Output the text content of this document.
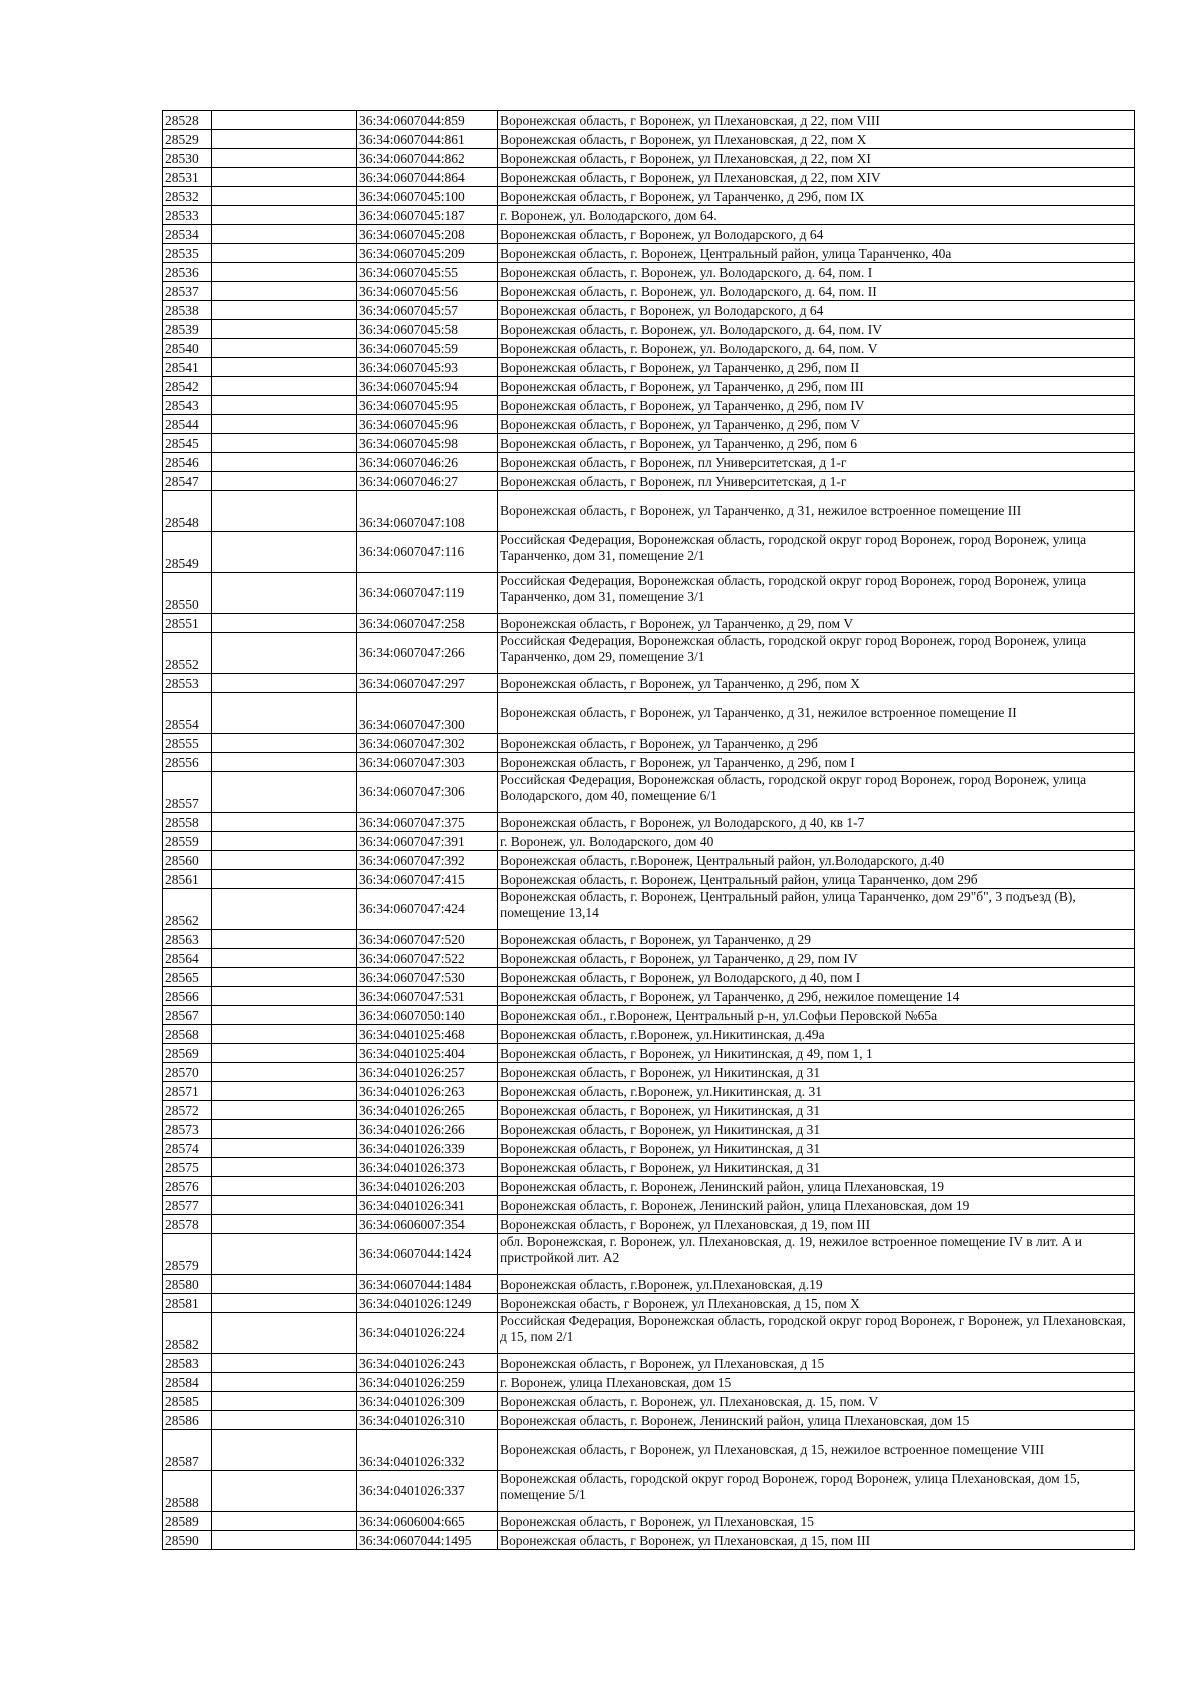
28528		36:34:0607044:859	Воронежская область, г Воронеж, ул Плехановская, д 22, пом VIII
28529		36:34:0607044:861	Воронежская область, г Воронеж, ул Плехановская, д 22, пом X
28530		36:34:0607044:862	Воронежская область, г Воронеж, ул Плехановская, д 22, пом XI
28531		36:34:0607044:864	Воронежская область, г Воронеж, ул Плехановская, д 22, пом XIV
28532		36:34:0607045:100	Воронежская область, г Воронеж, ул Таранченко, д 29б, пом IX
28533		36:34:0607045:187	г. Воронеж, ул. Володарского, дом 64.
28534		36:34:0607045:208	Воронежская область, г Воронеж, ул Володарского, д 64
28535		36:34:0607045:209	Воронежская область, г. Воронеж, Центральный район, улица Таранченко, 40а
28536		36:34:0607045:55	Воронежская область, г. Воронеж, ул. Володарского, д. 64, пом. I
28537		36:34:0607045:56	Воронежская область, г. Воронеж, ул. Володарского, д. 64, пом. II
28538		36:34:0607045:57	Воронежская область, г Воронеж, ул Володарского, д 64
28539		36:34:0607045:58	Воронежская область, г. Воронеж, ул. Володарского, д. 64, пом. IV
28540		36:34:0607045:59	Воронежская область, г. Воронеж, ул. Володарского, д. 64, пом. V
28541		36:34:0607045:93	Воронежская область, г Воронеж, ул Таранченко, д 29б, пом II
28542		36:34:0607045:94	Воронежская область, г Воронеж, ул Таранченко, д 29б, пом III
28543		36:34:0607045:95	Воронежская область, г Воронеж, ул Таранченко, д 29б, пом IV
28544		36:34:0607045:96	Воронежская область, г Воронеж, ул Таранченко, д 29б, пом V
28545		36:34:0607045:98	Воронежская область, г Воронеж, ул Таранченко, д 29б, пом 6
28546		36:34:0607046:26	Воронежская область, г Воронеж, пл Университетская, д 1-г
28547		36:34:0607046:27	Воронежская область, г Воронеж, пл Университетская, д 1-г
28548		36:34:0607047:108	Воронежская область, г Воронеж, ул Таранченко, д 31, нежилое встроенное помещение III
28549		36:34:0607047:116	Российская Федерация, Воронежская область, городской округ город Воронеж, город Воронеж, улица Таранченко, дом 31, помещение 2/1
28550		36:34:0607047:119	Российская Федерация, Воронежская область, городской округ город Воронеж, город Воронеж, улица Таранченко, дом 31, помещение 3/1
28551		36:34:0607047:258	Воронежская область, г Воронеж, ул Таранченко, д 29, пом V
28552		36:34:0607047:266	Российская Федерация, Воронежская область, городской округ город Воронеж, город Воронеж, улица Таранченко, дом 29, помещение 3/1
28553		36:34:0607047:297	Воронежская область, г Воронеж, ул Таранченко, д 29б, пом X
28554		36:34:0607047:300	Воронежская область, г Воронеж, ул Таранченко, д 31, нежилое встроенное помещение II
28555		36:34:0607047:302	Воронежская область, г Воронеж, ул Таранченко, д 29б
28556		36:34:0607047:303	Воронежская область, г Воронеж, ул Таранченко, д 29б, пом I
28557		36:34:0607047:306	Российская Федерация, Воронежская область, городской округ город Воронеж, город Воронеж, улица Володарского, дом 40, помещение 6/1
28558		36:34:0607047:375	Воронежская область, г Воронеж, ул Володарского, д 40, кв 1-7
28559		36:34:0607047:391	г. Воронеж, ул. Володарского, дом 40
28560		36:34:0607047:392	Воронежская область, г.Воронеж, Центральный район, ул.Володарского, д.40
28561		36:34:0607047:415	Воронежская область, г. Воронеж, Центральный район, улица Таранченко, дом 29б
28562		36:34:0607047:424	Воронежская область, г. Воронеж, Центральный район, улица Таранченко, дом 29"б", 3 подъезд (В), помещение 13,14
28563		36:34:0607047:520	Воронежская область, г Воронеж, ул Таранченко, д 29
28564		36:34:0607047:522	Воронежская область, г Воронеж, ул Таранченко, д 29, пом IV
28565		36:34:0607047:530	Воронежская область, г Воронеж, ул Володарского, д 40, пом I
28566		36:34:0607047:531	Воронежская область, г Воронеж, ул Таранченко, д 29б, нежилое помещение 14
28567		36:34:0607050:140	Воронежская обл., г.Воронеж, Центральный р-н, ул.Софьи Перовской №65а
28568		36:34:0401025:468	Воронежская область, г.Воронеж, ул.Никитинская, д.49а
28569		36:34:0401025:404	Воронежская область, г Воронеж, ул Никитинская, д 49, пом 1, 1
28570		36:34:0401026:257	Воронежская область, г Воронеж, ул Никитинская, д 31
28571		36:34:0401026:263	Воронежская область, г.Воронеж, ул.Никитинская, д. 31
28572		36:34:0401026:265	Воронежская область, г Воронеж, ул Никитинская, д 31
28573		36:34:0401026:266	Воронежская область, г Воронеж, ул Никитинская, д 31
28574		36:34:0401026:339	Воронежская область, г Воронеж, ул Никитинская, д 31
28575		36:34:0401026:373	Воронежская область, г Воронеж, ул Никитинская, д 31
28576		36:34:0401026:203	Воронежская область, г. Воронеж, Ленинский район, улица Плехановская, 19
28577		36:34:0401026:341	Воронежская область, г. Воронеж, Ленинский район, улица Плехановская, дом 19
28578		36:34:0606007:354	Воронежская область, г Воронеж, ул Плехановская, д 19, пом III
28579		36:34:0607044:1424	обл. Воронежская, г. Воронеж, ул. Плехановская, д. 19, нежилое встроенное помещение IV в лит. А и пристройкой лит. А2
28580		36:34:0607044:1484	Воронежская область, г.Воронеж, ул.Плехановская, д.19
28581		36:34:0401026:1249	Воронежская обасть, г Воронеж, ул Плехановская, д 15, пом X
28582		36:34:0401026:224	Российская Федерация, Воронежская область, городской округ город Воронеж, г Воронеж, ул Плехановская, д 15, пом 2/1
28583		36:34:0401026:243	Воронежская область, г Воронеж, ул Плехановская, д 15
28584		36:34:0401026:259	г. Воронеж, улица Плехановская, дом 15
28585		36:34:0401026:309	Воронежская область, г. Воронеж, ул. Плехановская, д. 15, пом. V
28586		36:34:0401026:310	Воронежская область, г. Воронеж, Ленинский район, улица Плехановская, дом 15
28587		36:34:0401026:332	Воронежская область, г Воронеж, ул Плехановская, д 15, нежилое встроенное помещение VIII
28588		36:34:0401026:337	Воронежская область, городской округ город Воронеж, город Воронеж, улица Плехановская, дом 15, помещение 5/1
28589		36:34:0606004:665	Воронежская область, г Воронеж, ул Плехановская, 15
28590		36:34:0607044:1495	Воронежская область, г Воронеж, ул Плехановская, д 15, пом III
